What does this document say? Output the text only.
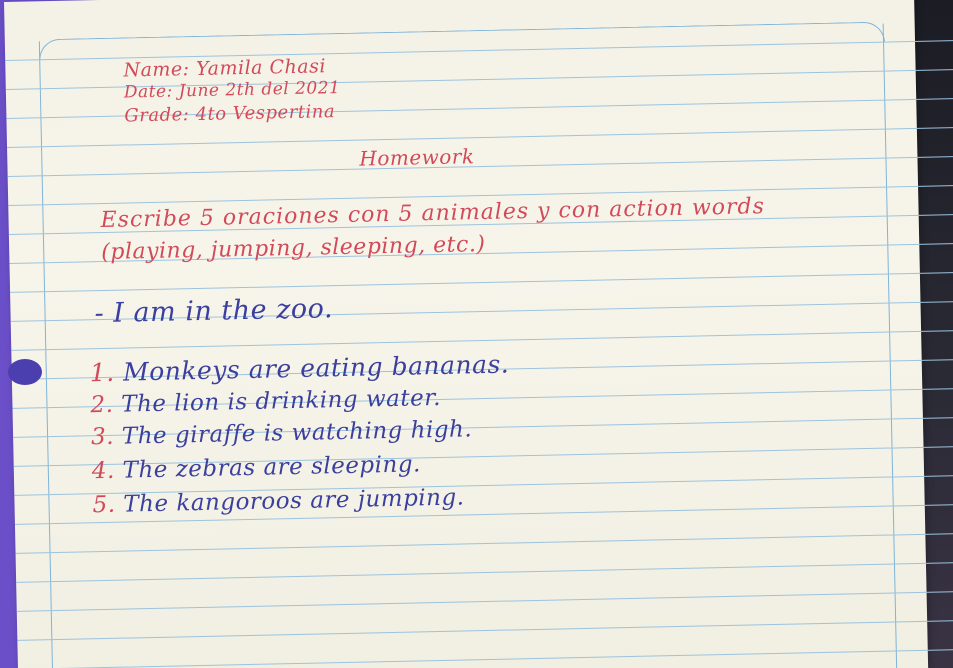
Name: Yamila Chasi
Date: June 2th del 2021
Grade: 4to Vespertina
Homework
Escribe 5 oraciones con 5 animales y con action words
(playing, jumping, sleeping, etc.)
- I am in the zoo.
1. Monkeys are eating bananas.
2. The lion is drinking water.
3. The giraffe is watching high.
4. The zebras are sleeping.
5. The kangoroos are jumping.
